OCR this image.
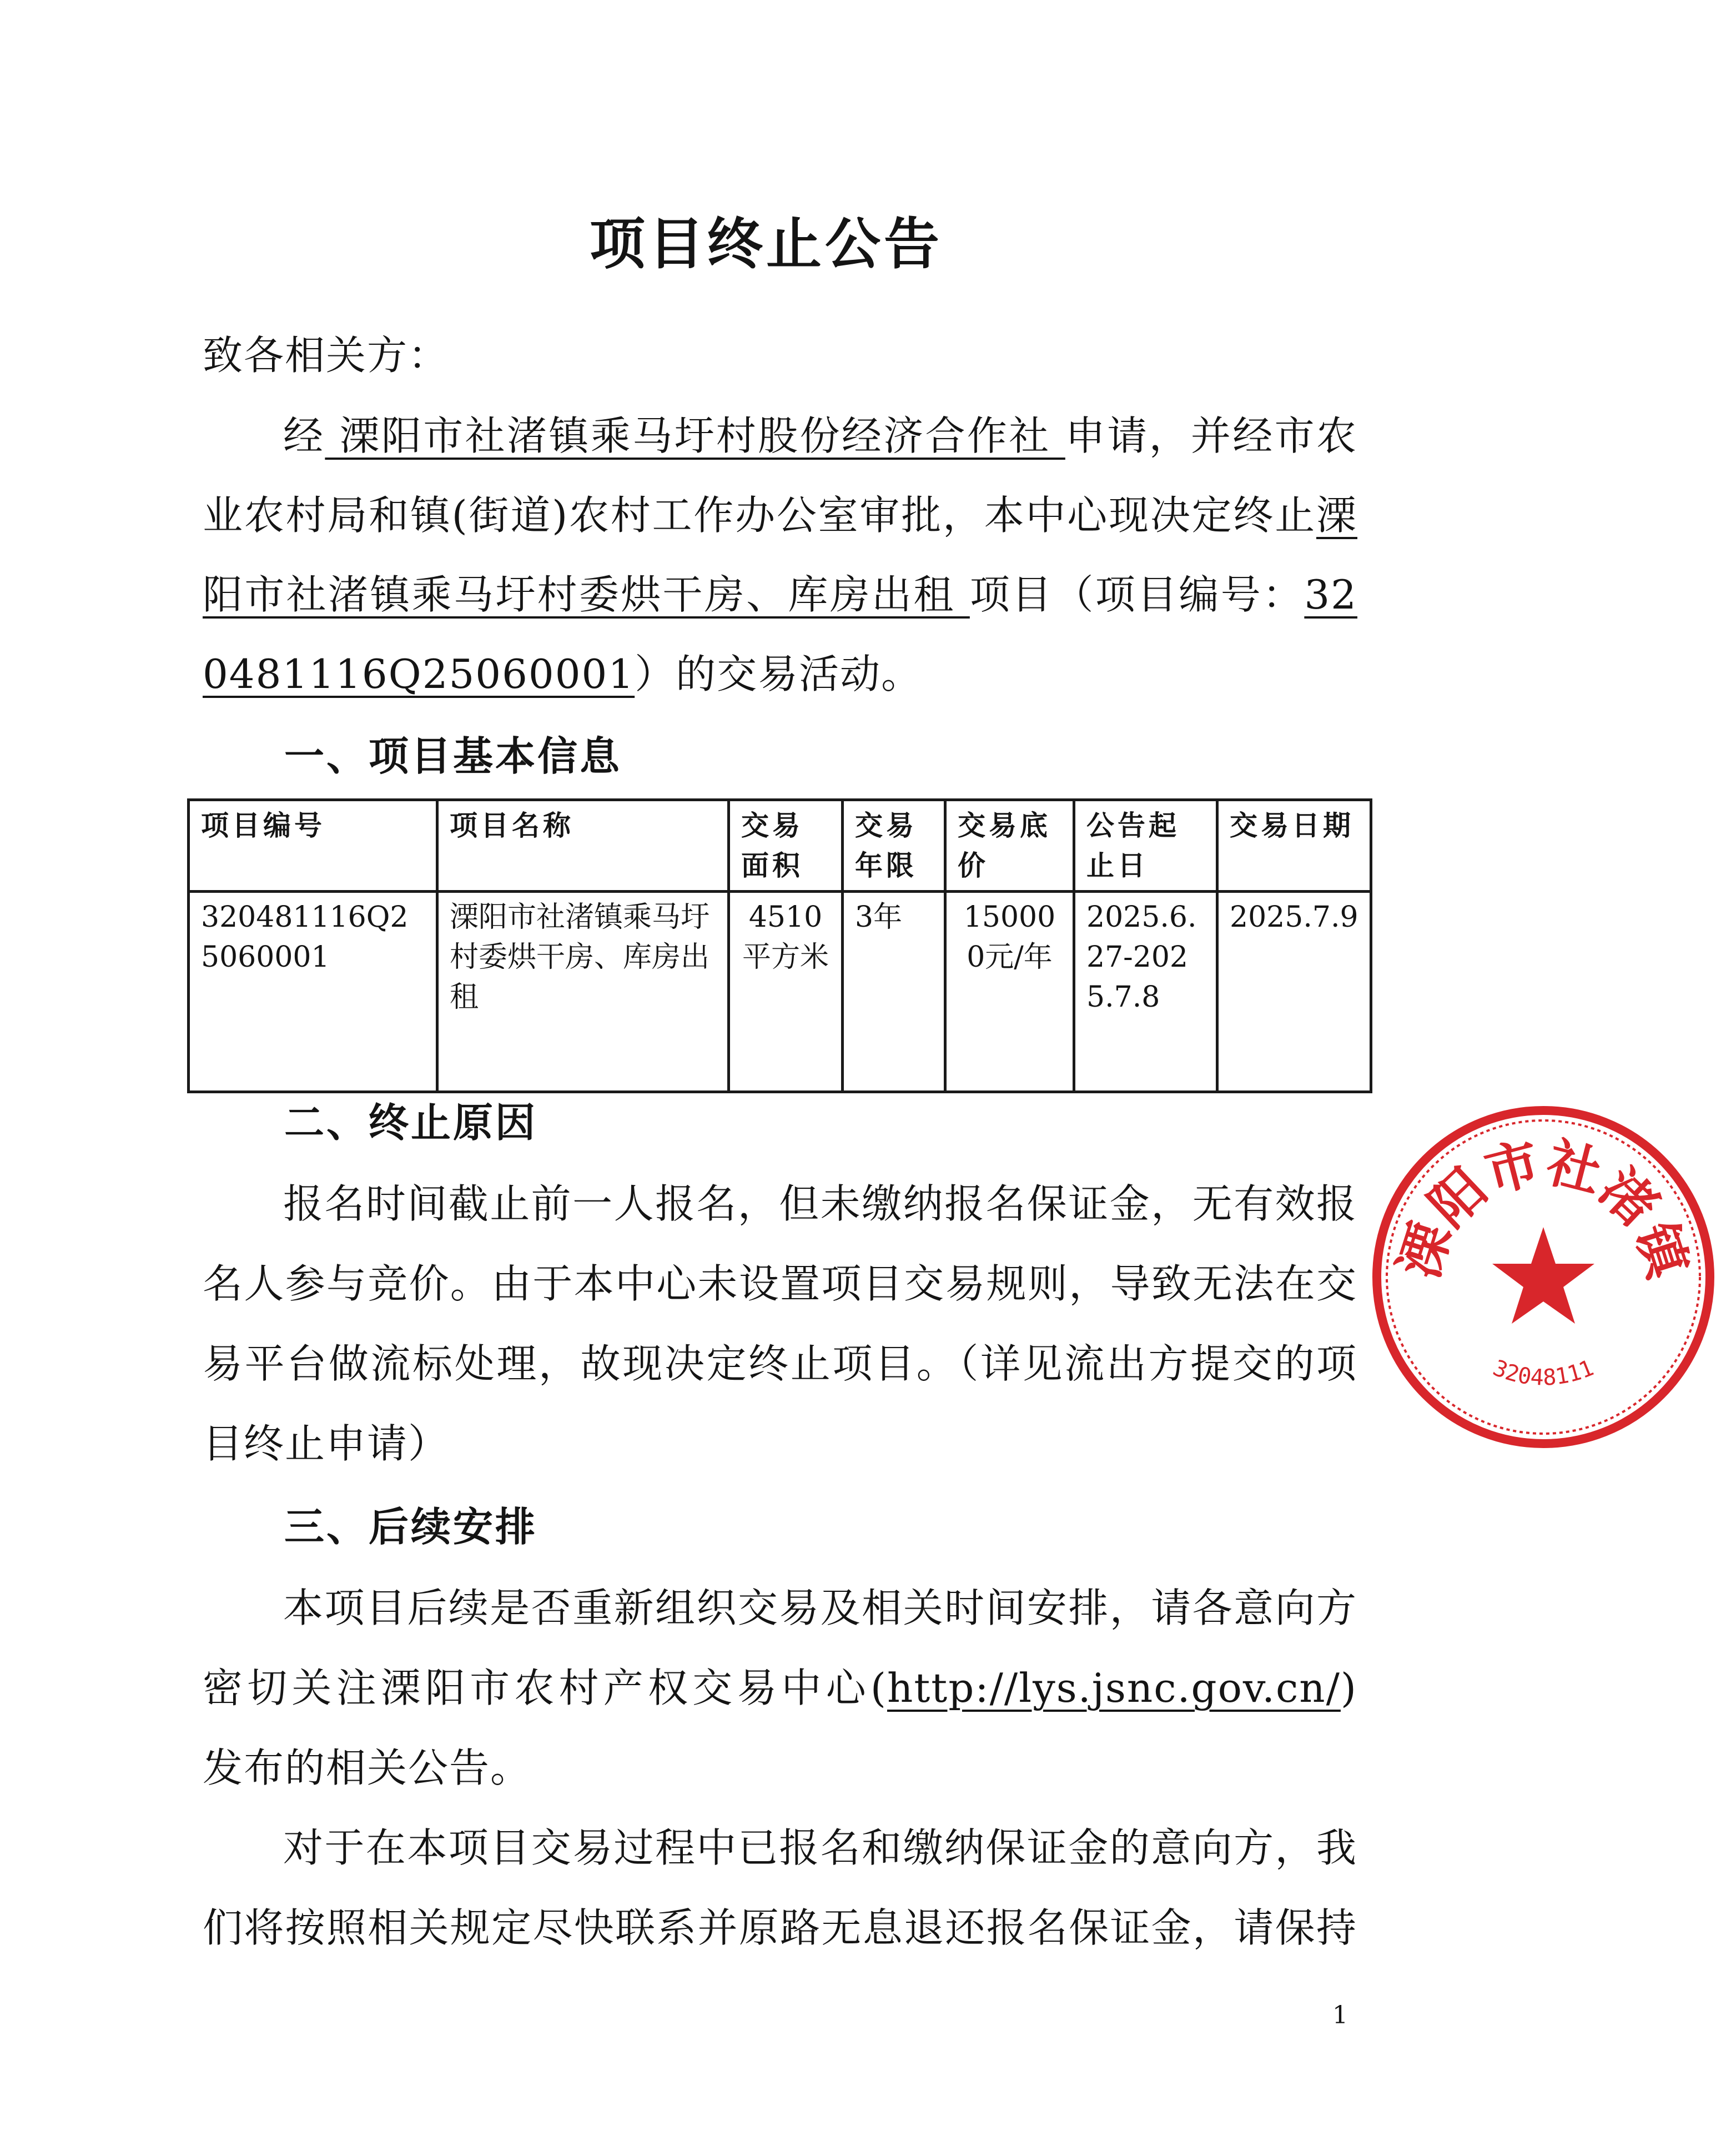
项目终止公告
致各相关方：
经 溧阳市社渚镇乘马圩村股份经济合作社 申请，并经市农
业农村局和镇(街道)农村工作办公室审批，本中心现决定终止溧
阳市社渚镇乘马圩村委烘干房、库房出租 项目（项目编号：32
0481116Q25060001）的交易活动。
一、项目基本信息
项目编号	项目名称	交易面积	交易年限	交易底价	公告起止日	交易日期
320481116Q25060001	溧阳市社渚镇乘马圩村委烘干房、库房出租	4510平方米	3年	150000元/年	2025.6.27-2025.7.8	2025.7.9
二、终止原因
报名时间截止前一人报名，但未缴纳报名保证金，无有效报
名人参与竞价。由于本中心未设置项目交易规则，导致无法在交
易平台做流标处理，故现决定终止项目。（详见流出方提交的项
目终止申请）
三、后续安排
本项目后续是否重新组织交易及相关时间安排，请各意向方
密切关注溧阳市农村产权交易中心(http://lys.jsnc.gov.cn/)
发布的相关公告。
对于在本项目交易过程中已报名和缴纳保证金的意向方，我
们将按照相关规定尽快联系并原路无息退还报名保证金，请保持
1
溧阳市社渚镇
32048111
